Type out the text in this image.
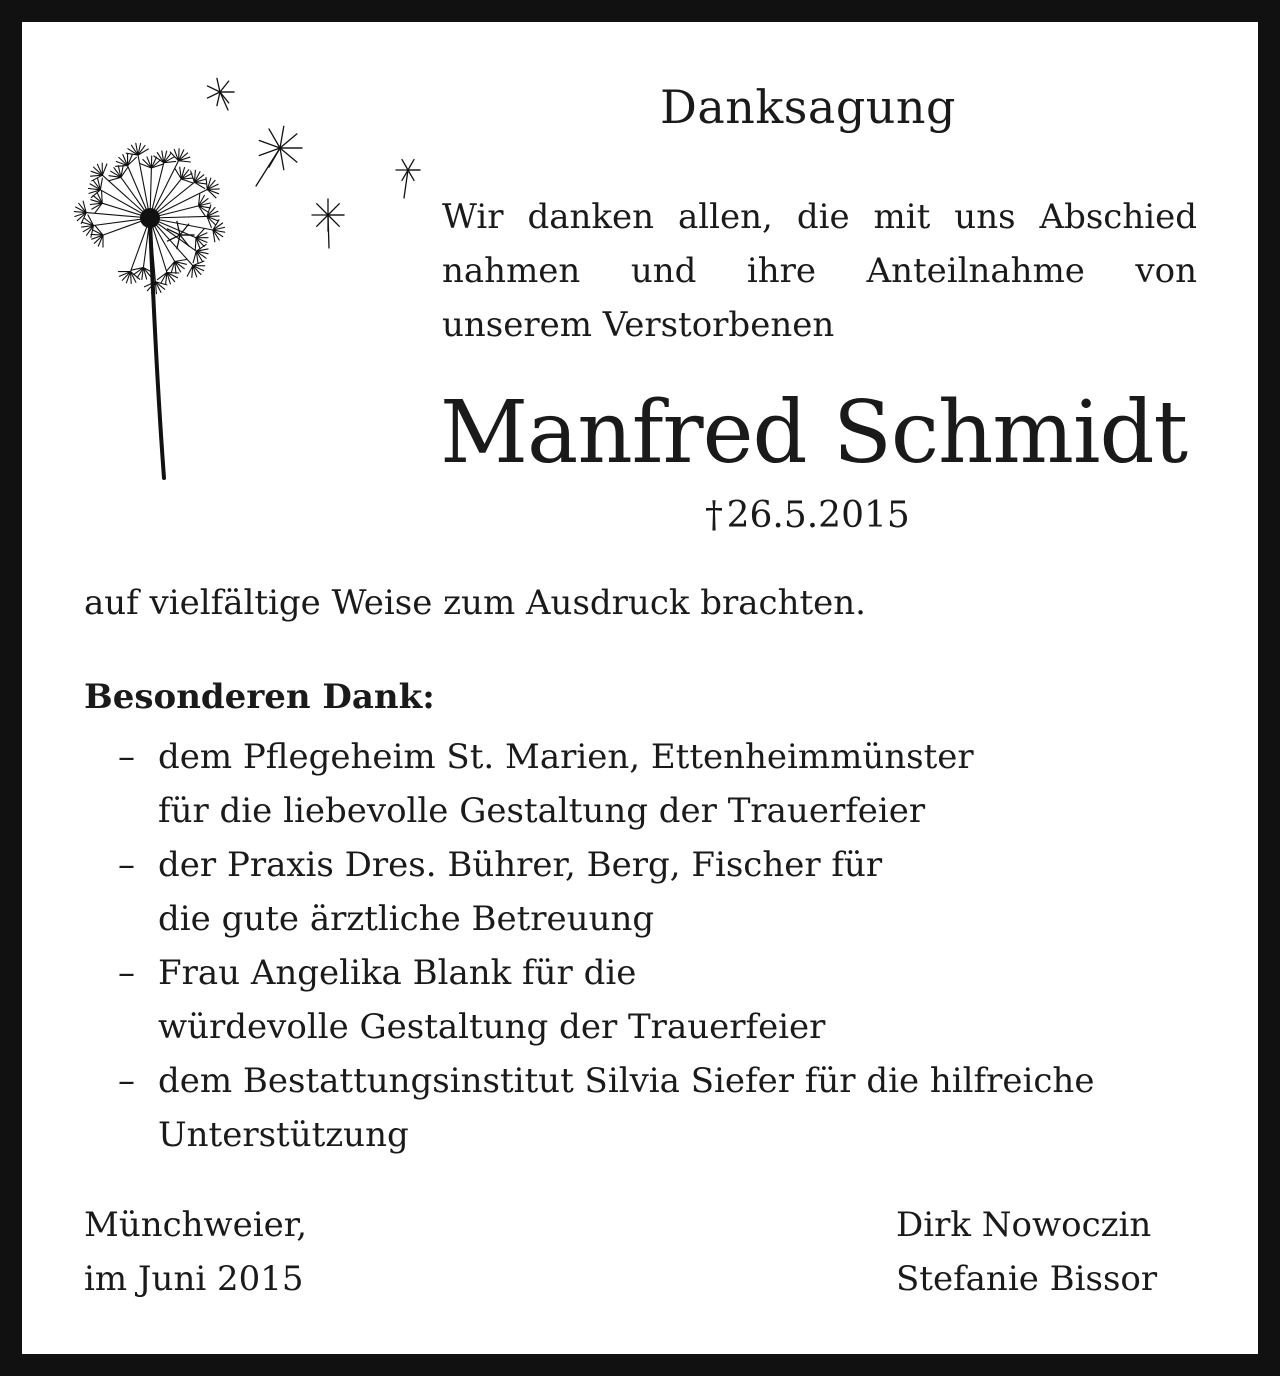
Danksagung
Wir danken allen, die mit uns Abschied
nahmen und ihre Anteilnahme von
unserem Verstorbenen
Manfred Schmidt
† 26.5.2015
auf vielfältige Weise zum Ausdruck brachten.
Besonderen Dank:
– dem Pflegeheim St. Marien, Ettenheimmünster
für die liebevolle Gestaltung der Trauerfeier
– der Praxis Dres. Bührer, Berg, Fischer für
die gute ärztliche Betreuung
– Frau Angelika Blank für die
würdevolle Gestaltung der Trauerfeier
– dem Bestattungsinstitut Silvia Siefer für die hilfreiche
Unterstützung
Münchweier,
im Juni 2015
Dirk Nowoczin
Stefanie Bissor
